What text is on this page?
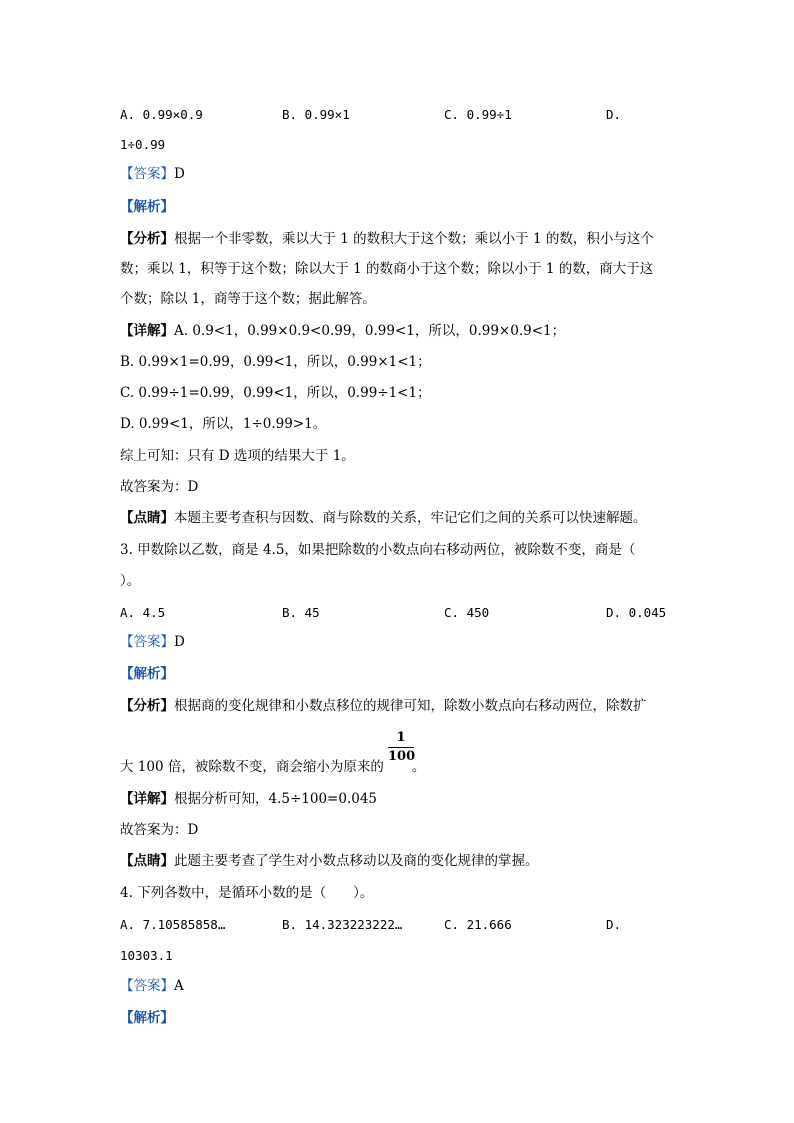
A. 0.99×0.9	B. 0.99×1	C. 0.99÷1	D.
1÷0.99
【答案】D
【解析】
【分析】根据一个非零数，乘以大于 1 的数积大于这个数；乘以小于 1 的数，积小与这个
数；乘以 1，积等于这个数；除以大于 1 的数商小于这个数；除以小于 1 的数，商大于这
个数；除以 1，商等于这个数；据此解答。
【详解】A. 0.9<1，0.99×0.9<0.99，0.99<1，所以，0.99×0.9<1；
B. 0.99×1=0.99，0.99<1，所以，0.99×1<1；
C. 0.99÷1=0.99，0.99<1，所以，0.99÷1<1；
D. 0.99<1，所以，1÷0.99>1。
综上可知：只有 D 选项的结果大于 1。
故答案为：D
【点睛】本题主要考查积与因数、商与除数的关系，牢记它们之间的关系可以快速解题。
3. 甲数除以乙数，商是 4.5，如果把除数的小数点向右移动两位，被除数不变，商是（
）。
A. 4.5	B. 45	C. 450	D. 0.045
【答案】D
【解析】
【分析】根据商的变化规律和小数点移位的规律可知，除数小数点向右移动两位，除数扩
1
100
大 100 倍，被除数不变，商会缩小为原来的 。
【详解】根据分析可知，4.5÷100=0.045
故答案为：D
【点睛】此题主要考查了学生对小数点移动以及商的变化规律的掌握。
4. 下列各数中，是循环小数的是（　　）。
A. 7.10585858…	B. 14.323223222…	C. 21.666	D.
10303.1
【答案】A
【解析】
